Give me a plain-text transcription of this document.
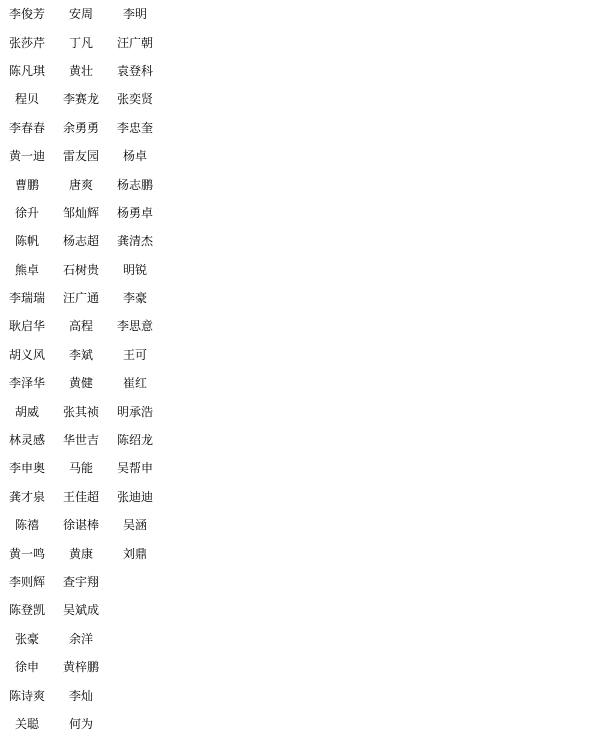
李俊芳	安周	李明
张莎芹	丁凡	汪广朝
陈凡琪	黄壮	袁登科
程贝	李赛龙	张奕贤
李春春	余勇勇	李忠奎
黄一迪	雷友园	杨卓
曹鹏	唐爽	杨志鹏
徐升	邹灿辉	杨勇卓
陈帆	杨志超	龚清杰
熊卓	石树贵	明锐
李瑞瑞	汪广通	李豪
耿启华	高程	李思意
胡义风	李斌	王可
李泽华	黄健	崔红
胡威	张其祯	明承浩
林灵感	华世吉	陈绍龙
李申奥	马能	吴帮申
龚才泉	王佳超	张迪迪
陈禧	徐谌棒	吴涵
黄一鸣	黄康	刘鼎
李则辉	查宇翔	
陈登凯	吴斌成	
张豪	余洋	
徐申	黄梓鹏	
陈诗爽	李灿	
关聪	何为	
